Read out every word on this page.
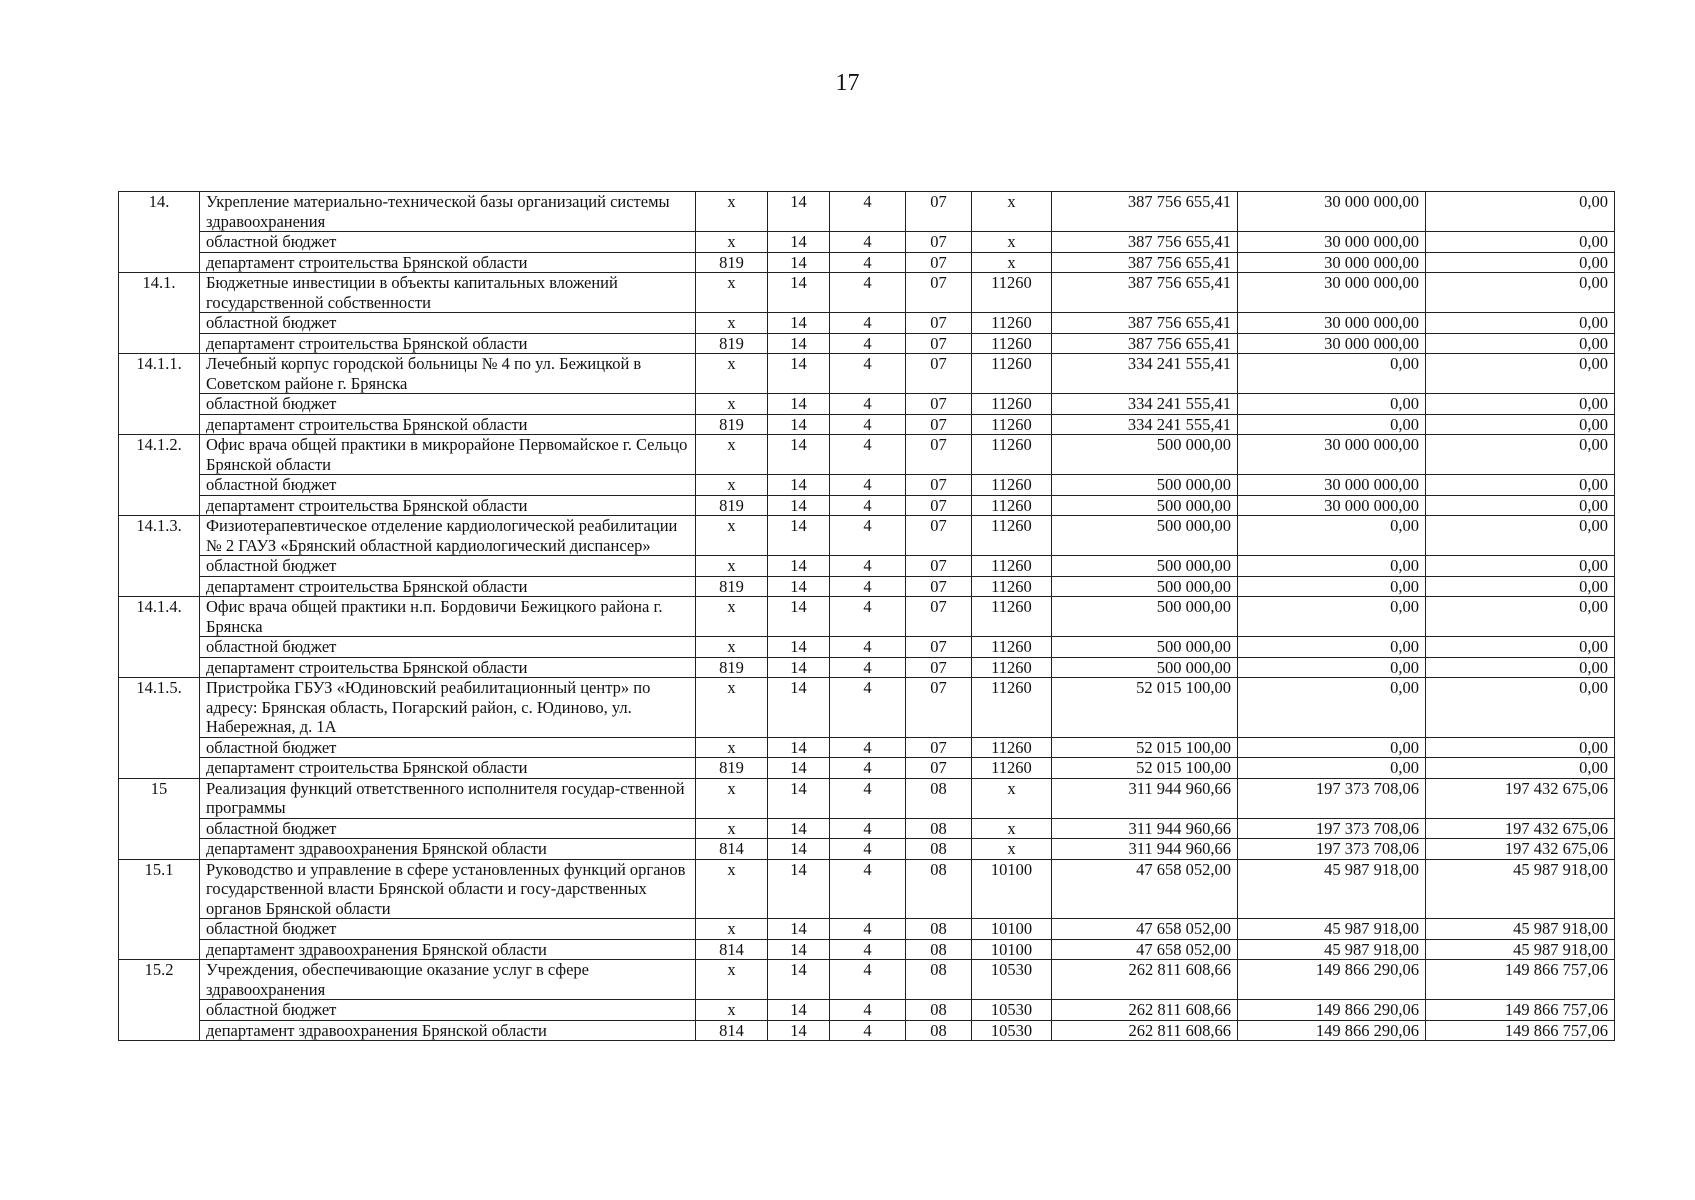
17
14.	Укрепление материально-технической базы организаций системы здравоохранения	х	14	4	07	х	387 756 655,41	30 000 000,00	0,00
	областной бюджет	х	14	4	07	х	387 756 655,41	30 000 000,00	0,00
	департамент строительства Брянской области	819	14	4	07	х	387 756 655,41	30 000 000,00	0,00
14.1.	Бюджетные инвестиции в объекты капитальных вложений государственной собственности	х	14	4	07	11260	387 756 655,41	30 000 000,00	0,00
	областной бюджет	х	14	4	07	11260	387 756 655,41	30 000 000,00	0,00
	департамент строительства Брянской области	819	14	4	07	11260	387 756 655,41	30 000 000,00	0,00
14.1.1.	Лечебный корпус городской больницы № 4 по ул. Бежицкой в Советском районе г. Брянска	х	14	4	07	11260	334 241 555,41	0,00	0,00
	областной бюджет	х	14	4	07	11260	334 241 555,41	0,00	0,00
	департамент строительства Брянской области	819	14	4	07	11260	334 241 555,41	0,00	0,00
14.1.2.	Офис врача общей практики в микрорайоне Первомайское г. Сельцо Брянской области	х	14	4	07	11260	500 000,00	30 000 000,00	0,00
	областной бюджет	х	14	4	07	11260	500 000,00	30 000 000,00	0,00
	департамент строительства Брянской области	819	14	4	07	11260	500 000,00	30 000 000,00	0,00
14.1.3.	Физиотерапевтическое отделение кардиологической реабилитации № 2 ГАУЗ «Брянский областной кардиологический диспансер»	х	14	4	07	11260	500 000,00	0,00	0,00
	областной бюджет	х	14	4	07	11260	500 000,00	0,00	0,00
	департамент строительства Брянской области	819	14	4	07	11260	500 000,00	0,00	0,00
14.1.4.	Офис врача общей практики н.п. Бордовичи Бежицкого района г. Брянска	х	14	4	07	11260	500 000,00	0,00	0,00
	областной бюджет	х	14	4	07	11260	500 000,00	0,00	0,00
	департамент строительства Брянской области	819	14	4	07	11260	500 000,00	0,00	0,00
14.1.5.	Пристройка ГБУЗ «Юдиновский реабилитационный центр» по адресу: Брянская область, Погарский район, с. Юдиново, ул. Набережная, д. 1А	х	14	4	07	11260	52 015 100,00	0,00	0,00
	областной бюджет	х	14	4	07	11260	52 015 100,00	0,00	0,00
	департамент строительства Брянской области	819	14	4	07	11260	52 015 100,00	0,00	0,00
15	Реализация функций ответственного исполнителя государ-ственной программы	х	14	4	08	х	311 944 960,66	197 373 708,06	197 432 675,06
	областной бюджет	х	14	4	08	х	311 944 960,66	197 373 708,06	197 432 675,06
	департамент здравоохранения Брянской области	814	14	4	08	х	311 944 960,66	197 373 708,06	197 432 675,06
15.1	Руководство и управление в сфере установленных функций органов государственной власти Брянской области и госу-дарственных органов Брянской области	х	14	4	08	10100	47 658 052,00	45 987 918,00	45 987 918,00
	областной бюджет	х	14	4	08	10100	47 658 052,00	45 987 918,00	45 987 918,00
	департамент здравоохранения Брянской области	814	14	4	08	10100	47 658 052,00	45 987 918,00	45 987 918,00
15.2	Учреждения, обеспечивающие оказание услуг в сфере здравоохранения	х	14	4	08	10530	262 811 608,66	149 866 290,06	149 866 757,06
	областной бюджет	х	14	4	08	10530	262 811 608,66	149 866 290,06	149 866 757,06
	департамент здравоохранения Брянской области	814	14	4	08	10530	262 811 608,66	149 866 290,06	149 866 757,06
